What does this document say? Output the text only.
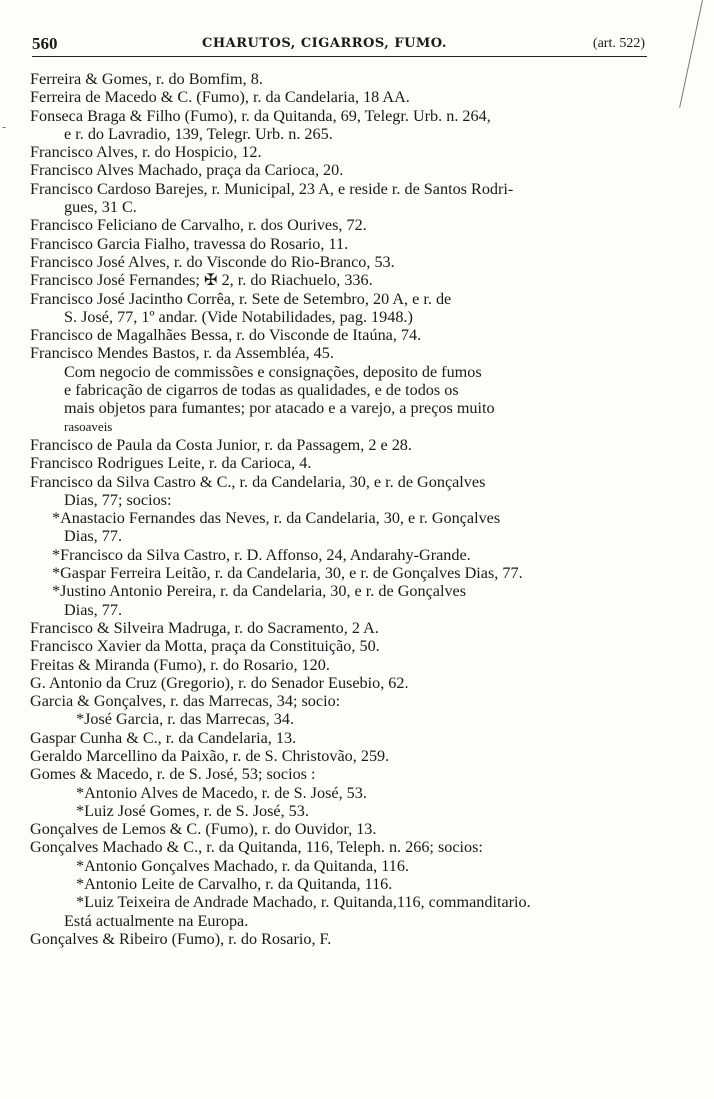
-
560	CHARUTOS, CIGARROS, FUMO.	(art. 522)
Ferreira & Gomes, r. do Bomfim, 8.
Ferreira de Macedo & C. (Fumo), r. da Candelaria, 18 AA.
Fonseca Braga & Filho (Fumo), r. da Quitanda, 69, Telegr. Urb. n. 264,
e r. do Lavradio, 139, Telegr. Urb. n. 265.
Francisco Alves, r. do Hospicio, 12.
Francisco Alves Machado, praça da Carioca, 20.
Francisco Cardoso Barejes, r. Municipal, 23 A, e reside r. de Santos Rodri-
gues, 31 C.
Francisco Feliciano de Carvalho, r. dos Ourives, 72.
Francisco Garcia Fialho, travessa do Rosario, 11.
Francisco José Alves, r. do Visconde do Rio-Branco, 53.
Francisco José Fernandes; ✠ 2, r. do Riachuelo, 336.
Francisco José Jacintho Corrêa, r. Sete de Setembro, 20 A, e r. de
S. José, 77, 1º andar. (Vide Notabilidades, pag. 1948.)
Francisco de Magalhães Bessa, r. do Visconde de Itaúna, 74.
Francisco Mendes Bastos, r. da Assembléa, 45.
Com negocio de commissões e consignações, deposito de fumos
e fabricação de cigarros de todas as qualidades, e de todos os
mais objetos para fumantes; por atacado e a varejo, a preços muito
rasoaveis
Francisco de Paula da Costa Junior, r. da Passagem, 2 e 28.
Francisco Rodrigues Leite, r. da Carioca, 4.
Francisco da Silva Castro & C., r. da Candelaria, 30, e r. de Gonçalves
Dias, 77; socios:
*Anastacio Fernandes das Neves, r. da Candelaria, 30, e r. Gonçalves
Dias, 77.
*Francisco da Silva Castro, r. D. Affonso, 24, Andarahy-Grande.
*Gaspar Ferreira Leitão, r. da Candelaria, 30, e r. de Gonçalves Dias, 77.
*Justino Antonio Pereira, r. da Candelaria, 30, e r. de Gonçalves
Dias, 77.
Francisco & Silveira Madruga, r. do Sacramento, 2 A.
Francisco Xavier da Motta, praça da Constituição, 50.
Freitas & Miranda (Fumo), r. do Rosario, 120.
G. Antonio da Cruz (Gregorio), r. do Senador Eusebio, 62.
Garcia & Gonçalves, r. das Marrecas, 34; socio:
*José Garcia, r. das Marrecas, 34.
Gaspar Cunha & C., r. da Candelaria, 13.
Geraldo Marcellino da Paixão, r. de S. Christovão, 259.
Gomes & Macedo, r. de S. José, 53; socios :
*Antonio Alves de Macedo, r. de S. José, 53.
*Luiz José Gomes, r. de S. José, 53.
Gonçalves de Lemos & C. (Fumo), r. do Ouvidor, 13.
Gonçalves Machado & C., r. da Quitanda, 116, Teleph. n. 266; socios:
*Antonio Gonçalves Machado, r. da Quitanda, 116.
*Antonio Leite de Carvalho, r. da Quitanda, 116.
*Luiz Teixeira de Andrade Machado, r. Quitanda,116, commanditario.
Está actualmente na Europa.
Gonçalves & Ribeiro (Fumo), r. do Rosario, F.
